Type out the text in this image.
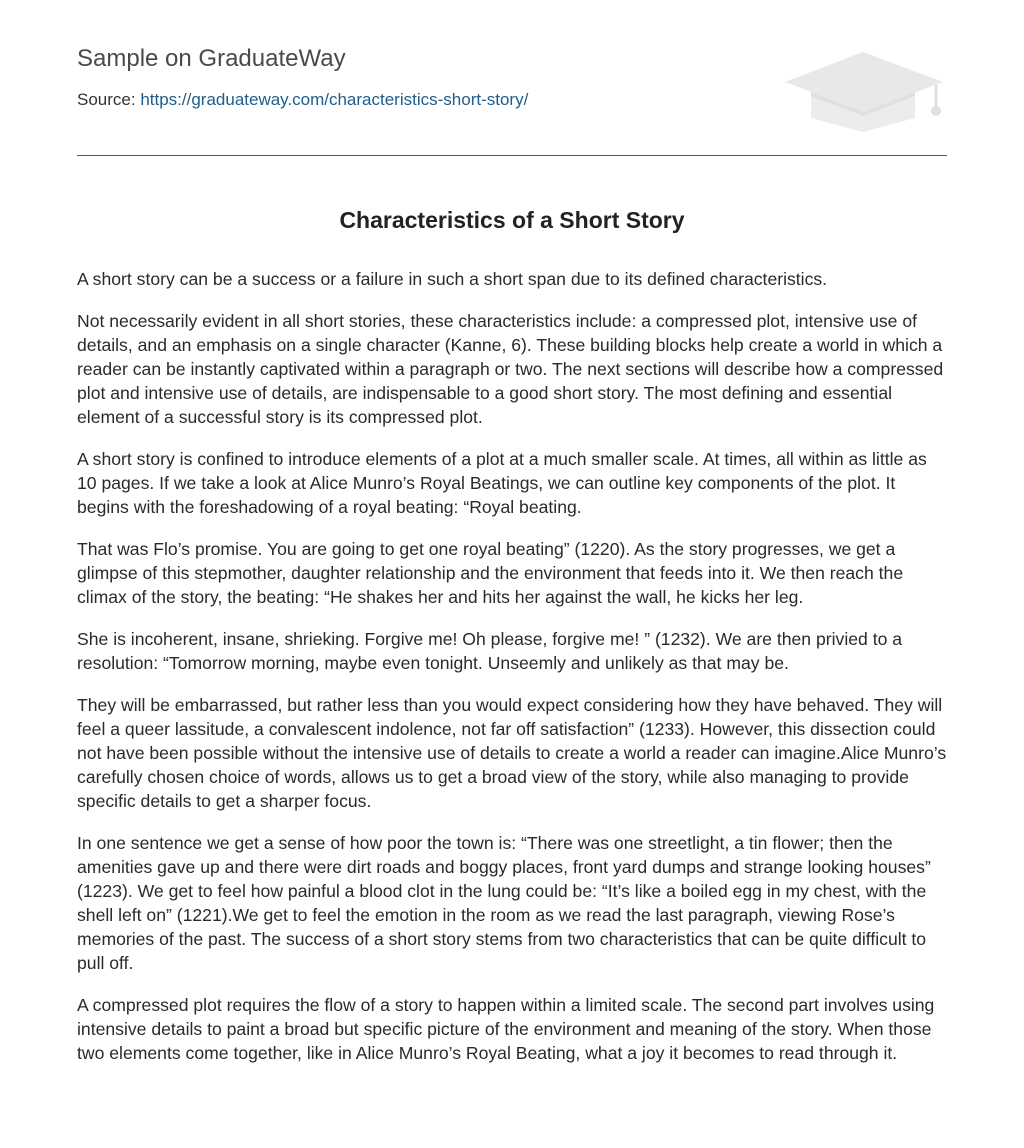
Sample on GraduateWay
Source: https://graduateway.com/characteristics-short-story/
Characteristics of a Short Story

A short story can be a success or a failure in such a short span due to its defined characteristics.

Not necessarily evident in all short stories, these characteristics include: a compressed plot, intensive use of details, and an emphasis on a single character (Kanne, 6). These building blocks help create a world in which a reader can be instantly captivated within a paragraph or two. The next sections will describe how a compressed plot and intensive use of details, are indispensable to a good short story. The most defining and essential element of a successful story is its compressed plot.

A short story is confined to introduce elements of a plot at a much smaller scale. At times, all within as little as 10 pages. If we take a look at Alice Munro’s Royal Beatings, we can outline key components of the plot. It begins with the foreshadowing of a royal beating: “Royal beating.

That was Flo’s promise. You are going to get one royal beating” (1220). As the story progresses, we get a glimpse of this stepmother, daughter relationship and the environment that feeds into it. We then reach the climax of the story, the beating: “He shakes her and hits her against the wall, he kicks her leg.

She is incoherent, insane, shrieking. Forgive me! Oh please, forgive me! ” (1232). We are then privied to a resolution: “Tomorrow morning, maybe even tonight. Unseemly and unlikely as that may be.

They will be embarrassed, but rather less than you would expect considering how they have behaved. They will feel a queer lassitude, a convalescent indolence, not far off satisfaction” (1233). However, this dissection could not have been possible without the intensive use of details to create a world a reader can imagine.Alice Munro’s carefully chosen choice of words, allows us to get a broad view of the story, while also managing to provide specific details to get a sharper focus.

In one sentence we get a sense of how poor the town is: “There was one streetlight, a tin flower; then the amenities gave up and there were dirt roads and boggy places, front yard dumps and strange looking houses” (1223). We get to feel how painful a blood clot in the lung could be: “It’s like a boiled egg in my chest, with the shell left on” (1221).We get to feel the emotion in the room as we read the last paragraph, viewing Rose’s memories of the past. The success of a short story stems from two characteristics that can be quite difficult to pull off.

A compressed plot requires the flow of a story to happen within a limited scale. The second part involves using intensive details to paint a broad but specific picture of the environment and meaning of the story. When those two elements come together, like in Alice Munro’s Royal Beating, what a joy it becomes to read through it.
